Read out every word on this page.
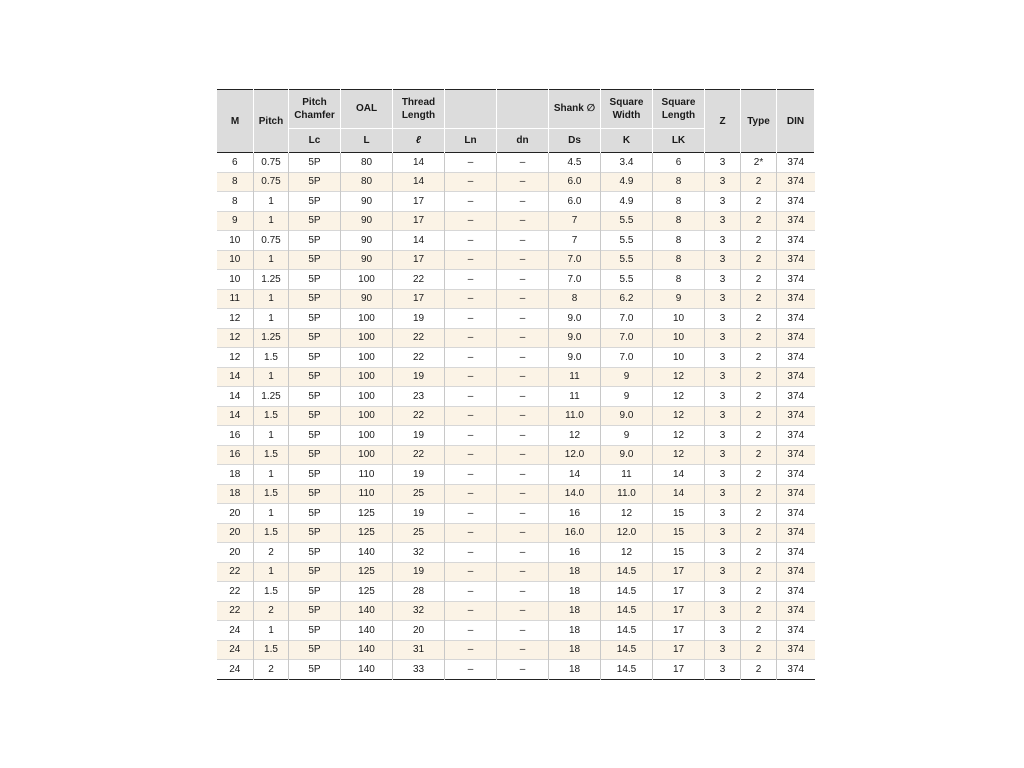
M	Pitch	Pitch Chamfer	OAL	Thread Length			Shank ∅	Square Width	Square Length	Z	Type	DIN
		Lc	L	ℓ	Ln	dn	Ds	K	LK			
6	0.75	5P	80	14	–	–	4.5	3.4	6	3	2*	374
8	0.75	5P	80	14	–	–	6.0	4.9	8	3	2	374
8	1	5P	90	17	–	–	6.0	4.9	8	3	2	374
9	1	5P	90	17	–	–	7	5.5	8	3	2	374
10	0.75	5P	90	14	–	–	7	5.5	8	3	2	374
10	1	5P	90	17	–	–	7.0	5.5	8	3	2	374
10	1.25	5P	100	22	–	–	7.0	5.5	8	3	2	374
11	1	5P	90	17	–	–	8	6.2	9	3	2	374
12	1	5P	100	19	–	–	9.0	7.0	10	3	2	374
12	1.25	5P	100	22	–	–	9.0	7.0	10	3	2	374
12	1.5	5P	100	22	–	–	9.0	7.0	10	3	2	374
14	1	5P	100	19	–	–	11	9	12	3	2	374
14	1.25	5P	100	23	–	–	11	9	12	3	2	374
14	1.5	5P	100	22	–	–	11.0	9.0	12	3	2	374
16	1	5P	100	19	–	–	12	9	12	3	2	374
16	1.5	5P	100	22	–	–	12.0	9.0	12	3	2	374
18	1	5P	110	19	–	–	14	11	14	3	2	374
18	1.5	5P	110	25	–	–	14.0	11.0	14	3	2	374
20	1	5P	125	19	–	–	16	12	15	3	2	374
20	1.5	5P	125	25	–	–	16.0	12.0	15	3	2	374
20	2	5P	140	32	–	–	16	12	15	3	2	374
22	1	5P	125	19	–	–	18	14.5	17	3	2	374
22	1.5	5P	125	28	–	–	18	14.5	17	3	2	374
22	2	5P	140	32	–	–	18	14.5	17	3	2	374
24	1	5P	140	20	–	–	18	14.5	17	3	2	374
24	1.5	5P	140	31	–	–	18	14.5	17	3	2	374
24	2	5P	140	33	–	–	18	14.5	17	3	2	374
